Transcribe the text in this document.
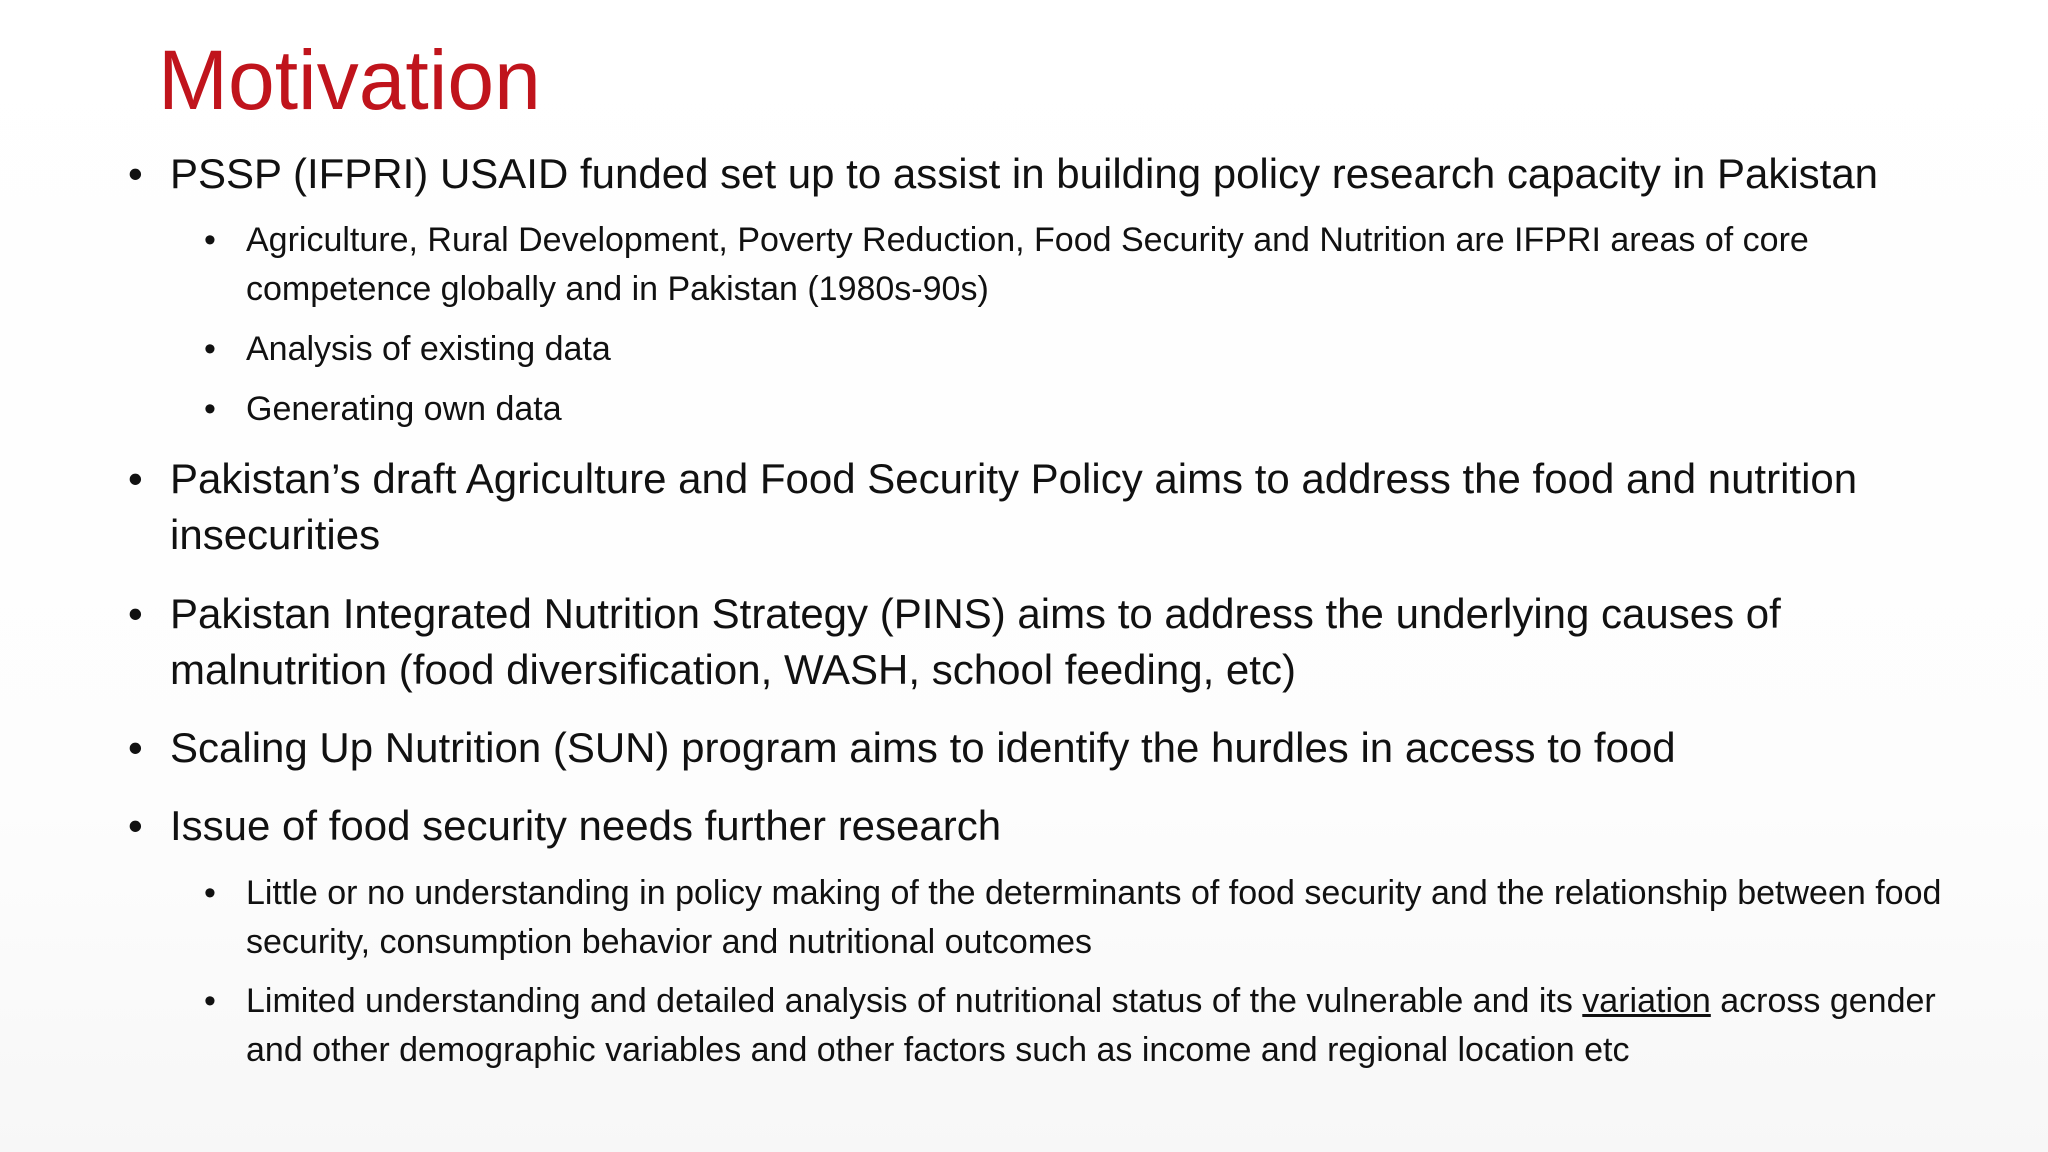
Motivation
• PSSP (IFPRI) USAID funded set up to assist in building policy research capacity in Pakistan
• Agriculture, Rural Development, Poverty Reduction, Food Security and Nutrition are IFPRI areas of core competence globally and in Pakistan (1980s-90s)
• Analysis of existing data
• Generating own data
• Pakistan’s draft Agriculture and Food Security Policy aims to address the food and nutrition insecurities
• Pakistan Integrated Nutrition Strategy (PINS) aims to address the underlying causes of malnutrition (food diversification, WASH, school feeding, etc)
• Scaling Up Nutrition (SUN) program aims to identify the hurdles in access to food
• Issue of food security needs further research
• Little or no understanding in policy making of the determinants of food security and the relationship between food security, consumption behavior and nutritional outcomes
• Limited understanding and detailed analysis of nutritional status of the vulnerable and its variation across gender and other demographic variables and other factors such as income and regional location etc
